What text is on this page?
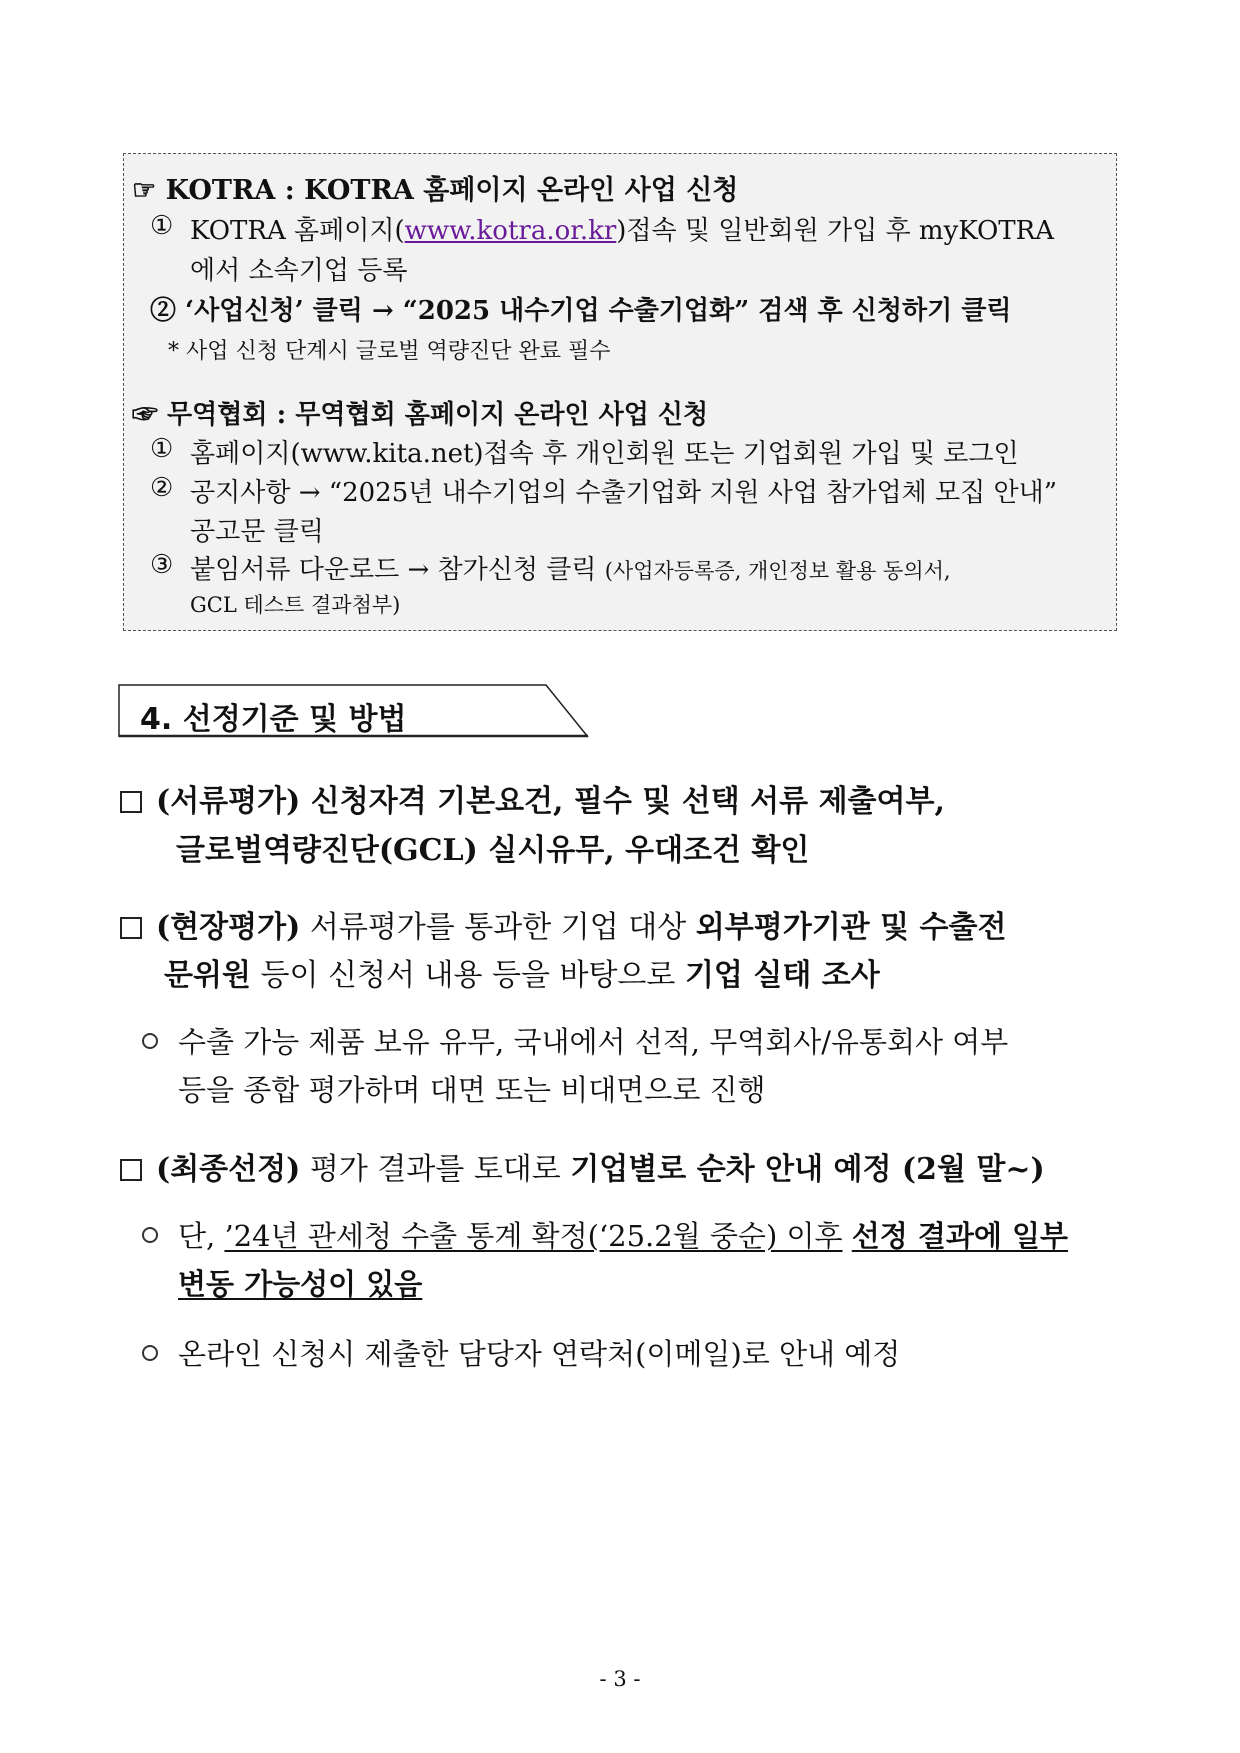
☞ KOTRA : KOTRA 홈페이지 온라인 사업 신청
① KOTRA 홈페이지(www.kotra.or.kr)접속 및 일반회원 가입 후 myKOTRA
에서 소속기업 등록
② ‘사업신청’ 클릭 → “2025 내수기업 수출기업화” 검색 후 신청하기 클릭
* 사업 신청 단계시 글로벌 역량진단 완료 필수
☞ 무역협회 : 무역협회 홈페이지 온라인 사업 신청
① 홈페이지(www.kita.net)접속 후 개인회원 또는 기업회원 가입 및 로그인
② 공지사항 → “2025년 내수기업의 수출기업화 지원 사업 참가업체 모집 안내”
공고문 클릭
③ 붙임서류 다운로드 → 참가신청 클릭 (사업자등록증, 개인정보 활용 동의서,
GCL 테스트 결과첨부)
4. 선정기준 및 방법
(서류평가) 신청자격 기본요건, 필수 및 선택 서류 제출여부,
글로벌역량진단(GCL) 실시유무, 우대조건 확인
(현장평가) 서류평가를 통과한 기업 대상 외부평가기관 및 수출전
문위원 등이 신청서 내용 등을 바탕으로 기업 실태 조사
수출 가능 제품 보유 유무, 국내에서 선적, 무역회사/유통회사 여부
등을 종합 평가하며 대면 또는 비대면으로 진행
(최종선정) 평가 결과를 토대로 기업별로 순차 안내 예정 (2월 말~)
단, ’24년 관세청 수출 통계 확정(‘25.2월 중순) 이후 선정 결과에 일부
변동 가능성이 있음
온라인 신청시 제출한 담당자 연락처(이메일)로 안내 예정
- 3 -
